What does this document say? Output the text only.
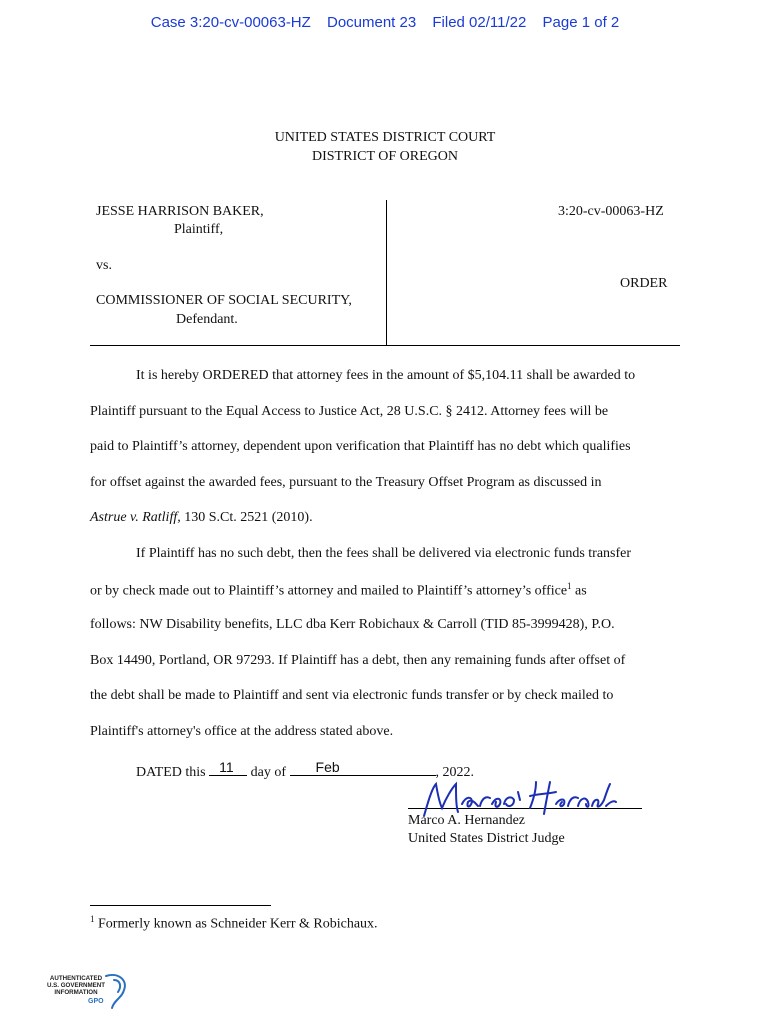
Case 3:20-cv-00063-HZ Document 23 Filed 02/11/22 Page 1 of 2
UNITED STATES DISTRICT COURT
DISTRICT OF OREGON
JESSE HARRISON BAKER,
Plaintiff,
vs.
COMMISSIONER OF SOCIAL SECURITY,
Defendant.
3:20-cv-00063-HZ
ORDER
It is hereby ORDERED that attorney fees in the amount of $5,104.11 shall be awarded to
Plaintiff pursuant to the Equal Access to Justice Act, 28 U.S.C. § 2412. Attorney fees will be
paid to Plaintiff’s attorney, dependent upon verification that Plaintiff has no debt which qualifies
for offset against the awarded fees, pursuant to the Treasury Offset Program as discussed in
Astrue v. Ratliff, 130 S.Ct. 2521 (2010).
If Plaintiff has no such debt, then the fees shall be delivered via electronic funds transfer
or by check made out to Plaintiff’s attorney and mailed to Plaintiff’s attorney’s office$^1$ as
follows: NW Disability benefits, LLC dba Kerr Robichaux & Carroll (TID 85-3999428), P.O.
Box 14490, Portland, OR 97293. If Plaintiff has a debt, then any remaining funds after offset of
the debt shall be made to Plaintiff and sent via electronic funds transfer or by check mailed to
Plaintiff's attorney's office at the address stated above.
DATED this 11 day of Feb	, 2022.
Marco A. Hernandez
United States District Judge
$^1$ Formerly known as Schneider Kerr & Robichaux.
AUTHENTICATED
U.S. GOVERNMENT
INFORMATION
GPO
